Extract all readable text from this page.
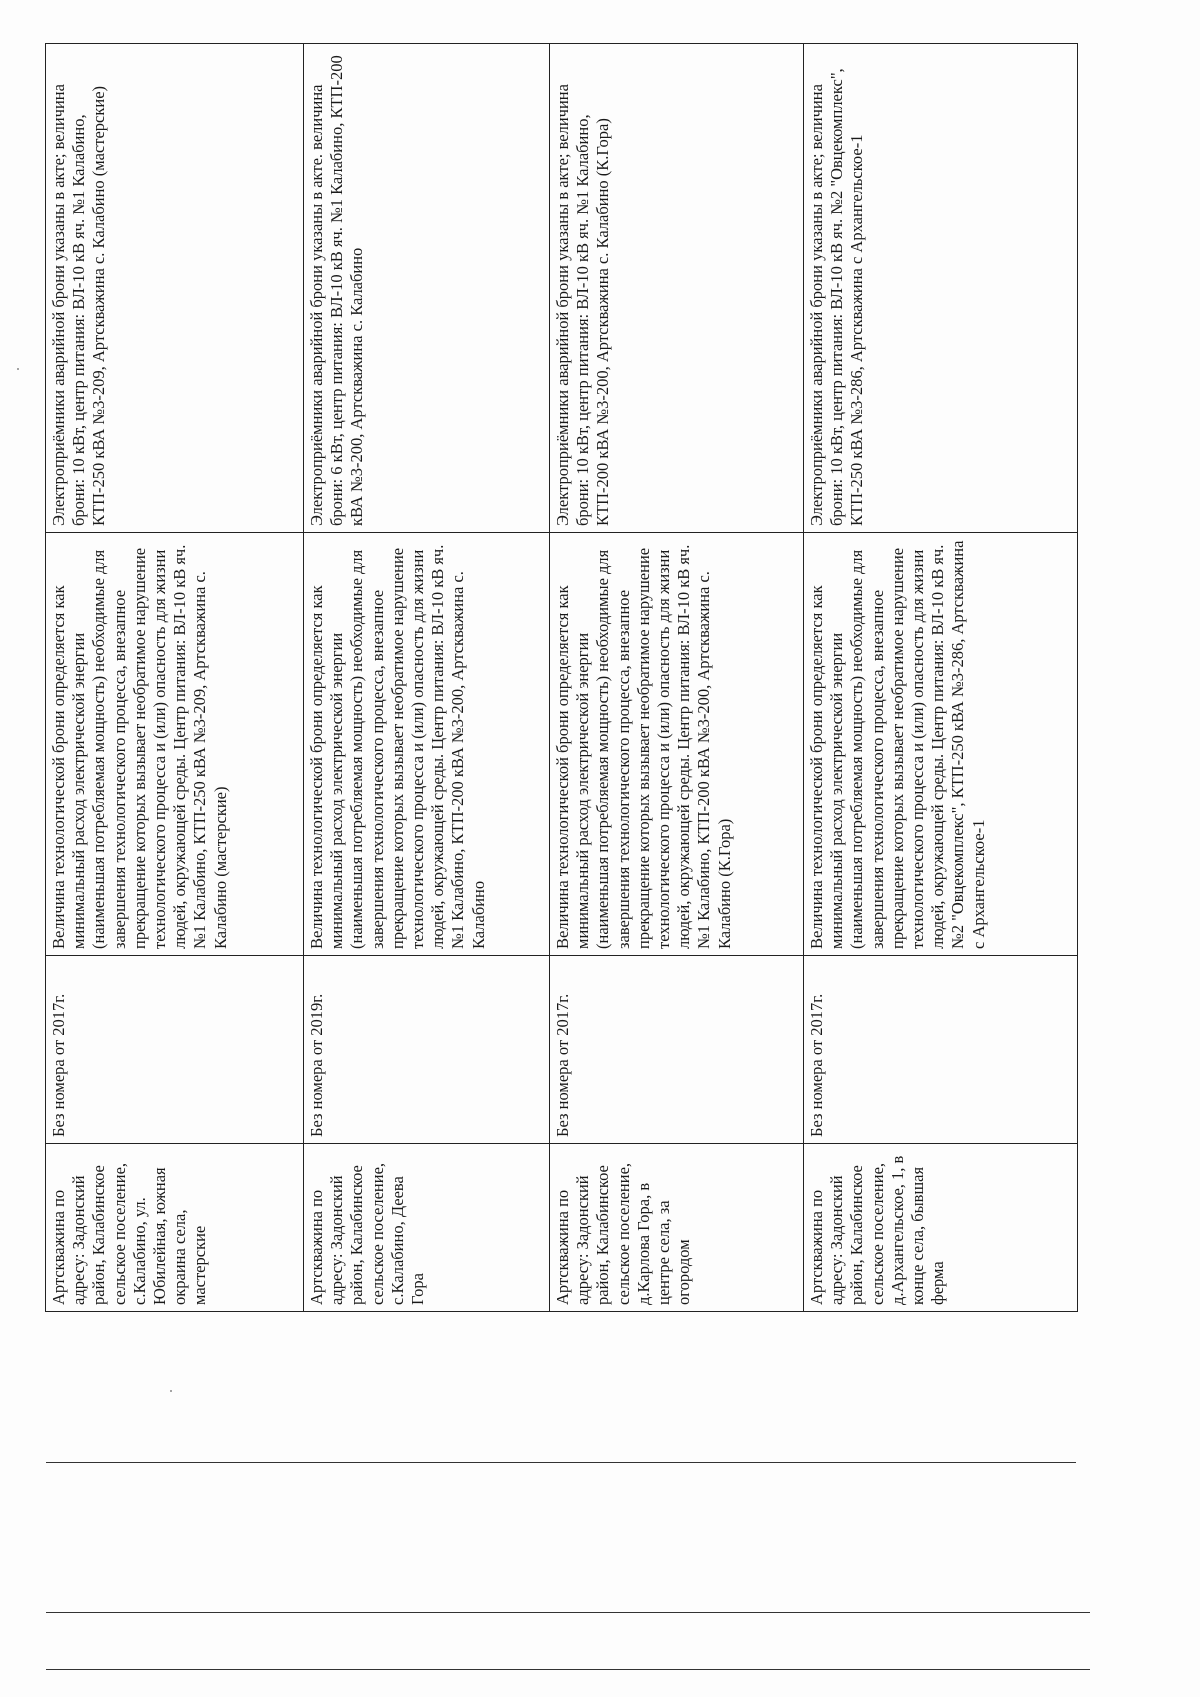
Артскважина по адресу: Задонский район, Калабинское сельское поселение, с.Калабино, ул. Юбилейная, южная окраина села, мастерские	Без номера от 2017г.	Величина технологической брони определяется как минимальный расход электрической энергии (наименьшая потребляемая мощность) необходимые для завершения технологического процесса, внезапное прекращение которых вызывает необратимое нарушение технологического процесса и (или) опасность для жизни людей, окружающей среды. Центр питания: ВЛ-10 кВ яч. №1 Калабино, КТП-250 кВА №3-209, Артскважина с. Калабино (мастерские)	Электроприёмники аварийной брони указаны в акте; величина брони: 10 кВт, центр питания: ВЛ-10 кВ яч. №1 Калабино, КТП-250 кВА №3-209, Артскважина с. Калабино (мастерские)
Артскважина по адресу: Задонский район, Калабинское сельское поселение, с.Калабино, Деева Гора	Без номера от 2019г.	Величина технологической брони определяется как минимальный расход электрической энергии (наименьшая потребляемая мощность) необходимые для завершения технологического процесса, внезапное прекращение которых вызывает необратимое нарушение технологического процесса и (или) опасность для жизни людей, окружающей среды. Центр питания: ВЛ-10 кВ яч. №1 Калабино, КТП-200 кВА №3-200, Артскважина с. Калабино	Электроприёмники аварийной брони указаны в акте. величина брони: 6 кВт, центр питания: ВЛ-10 кВ яч. №1 Калабино, КТП-200 кВА №3-200, Артскважина с. Калабино
Артскважина по адресу: Задонский район, Калабинское сельское поселение, д.Карлова Гора, в центре села, за огородом	Без номера от 2017г.	Величина технологической брони определяется как минимальный расход электрической энергии (наименьшая потребляемая мощность) необходимые для завершения технологического процесса, внезапное прекращение которых вызывает необратимое нарушение технологического процесса и (или) опасность для жизни людей, окружающей среды. Центр питания: ВЛ-10 кВ яч. №1 Калабино, КТП-200 кВА №3-200, Артскважина с. Калабино (К.Гора)	Электроприёмники аварийной брони указаны в акте; величина брони: 10 кВт, центр питания: ВЛ-10 кВ яч. №1 Калабино, КТП-200 кВА №3-200, Артскважина с. Калабино (К.Гора)
Артскважина по адресу: Задонский район, Калабинское сельское поселение, д.Архангельское, 1, в конце села, бывшая ферма	Без номера от 2017г.	Величина технологической брони определяется как минимальный расход электрической энергии (наименьшая потребляемая мощность) необходимые для завершения технологического процесса, внезапное прекращение которых вызывает необратимое нарушение технологического процесса и (или) опасность для жизни людей, окружающей среды. Центр питания: ВЛ-10 кВ яч. №2 "Овцекомплекс", КТП-250 кВА №3-286, Артскважина с Архангельское-1	Электроприёмники аварийной брони указаны в акте; величина брони: 10 кВт, центр питания: ВЛ-10 кВ яч. №2 "Овцекомплекс", КТП-250 кВА №3-286, Артскважина с Архангельское-1
